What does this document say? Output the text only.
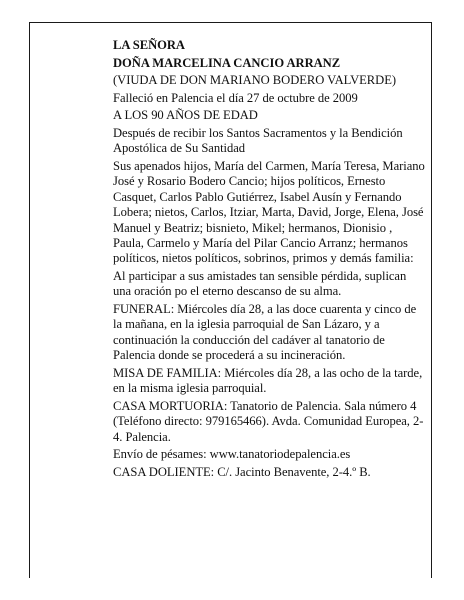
LA SEÑORA

DOÑA MARCELINA CANCIO ARRANZ

(VIUDA DE DON MARIANO BODERO VALVERDE)

Falleció en Palencia el día 27 de octubre de 2009

A LOS 90 AÑOS DE EDAD

Después de recibir los Santos Sacramentos y la Bendición Apostólica de Su Santidad

Sus apenados hijos, María del Carmen, María Teresa, Mariano José y Rosario Bodero Cancio; hijos políticos, Ernesto Casquet, Carlos Pablo Gutiérrez, Isabel Ausín y Fernando Lobera; nietos, Carlos, Itziar, Marta, David, Jorge, Elena, José Manuel y Beatriz; bisnieto, Mikel; hermanos, Dionisio , Paula, Carmelo y María del Pilar Cancio Arranz; hermanos políticos, nietos políticos, sobrinos, primos y demás familia:

Al participar a sus amistades tan sensible pérdida, suplican una oración po el eterno descanso de su alma.

FUNERAL: Miércoles día 28, a las doce cuarenta y cinco de la mañana, en la iglesia parroquial de San Lázaro, y a continuación la conducción del cadáver al tanatorio de Palencia donde se procederá a su incineración.

MISA DE FAMILIA: Miércoles día 28, a las ocho de la tarde, en la misma iglesia parroquial.

CASA MORTUORIA: Tanatorio de Palencia. Sala número 4 (Teléfono directo: 979165466). Avda. Comunidad Europea, 2-4. Palencia.

Envío de pésames: www.tanatoriodepalencia.es

CASA DOLIENTE: C/. Jacinto Benavente, 2-4.º B.
